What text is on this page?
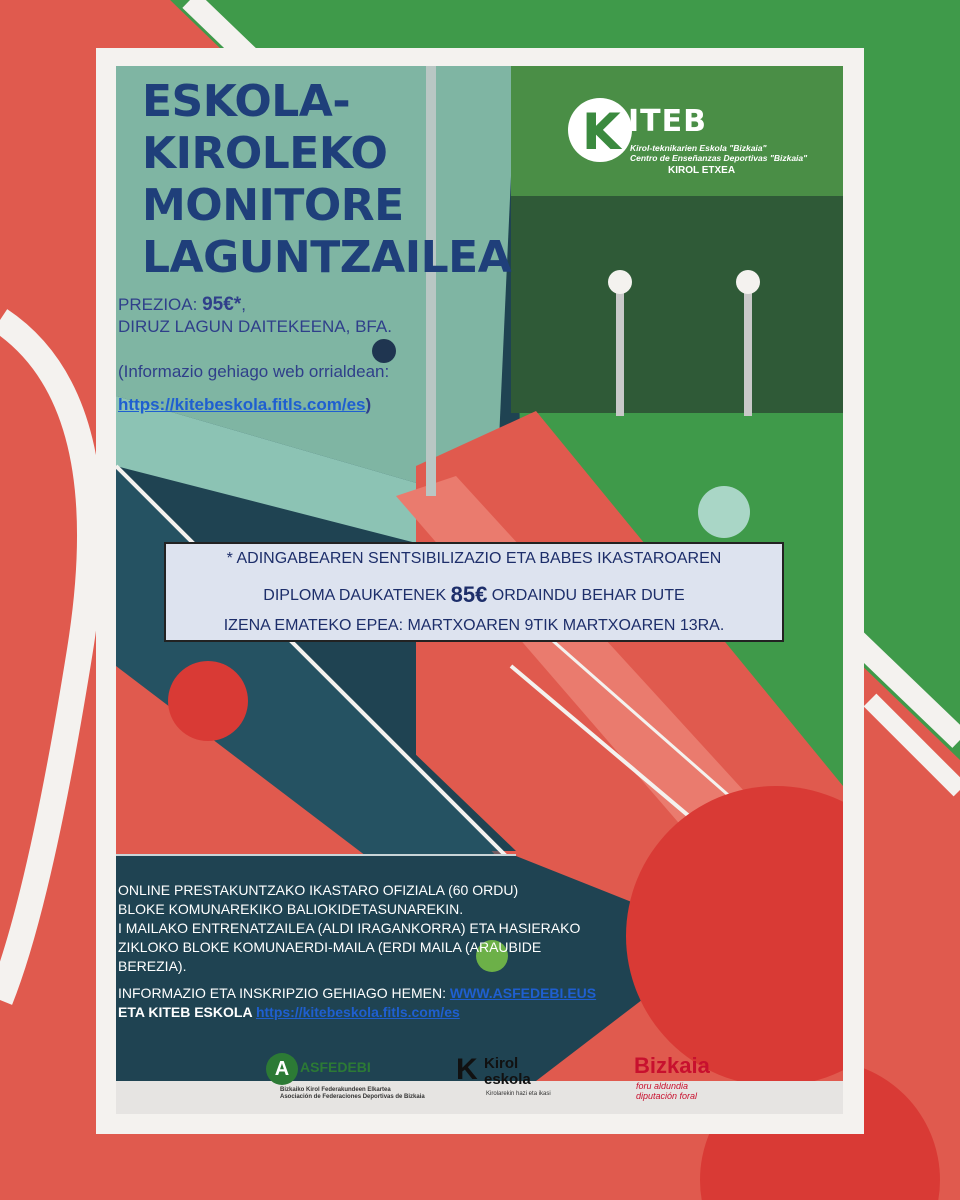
ESKOLA-
KIROLEKO
MONITORE
LAGUNTZAILEA
PREZIOA: 95€*,
DIRUZ LAGUN DAITEKEENA, BFA.
(Informazio gehiago web orrialdean:
https://kitebeskola.fitls.com/es)
K ITEB
Kirol-teknikarien Eskola "Bizkaia"
Centro de Enseñanzas Deportivas "Bizkaia"
KIROL ETXEA
* ADINGABEAREN SENTSIBILIZAZIO ETA BABES IKASTAROAREN
DIPLOMA DAUKATENEK 85€ ORDAINDU BEHAR DUTE
IZENA EMATEKO EPEA: MARTXOAREN 9TIK MARTXOAREN 13RA.
ONLINE PRESTAKUNTZAKO IKASTARO OFIZIALA (60 ORDU)
BLOKE KOMUNAREKIKO BALIOKIDETASUNAREKIN.
I MAILAKO ENTRENATZAILEA (ALDI IRAGANKORRA) ETA HASIERAKO
ZIKLOKO BLOKE KOMUNAERDI-MAILA (ERDI MAILA (ARAUBIDE
BEREZIA).
INFORMAZIO ETA INSKRIPZIO GEHIAGO HEMEN: WWW.ASFEDEBI.EUS
ETA KITEB ESKOLA https://kitebeskola.fitls.com/es
A ASFEDEBI
Bizkaiko Kirol Federakundeen Elkartea
Asociación de Federaciones Deportivas de Bizkaia
K Kirol
eskola
Kirolarekin hazi eta ikasi
Bizkaia
foru aldundia
diputación foral
